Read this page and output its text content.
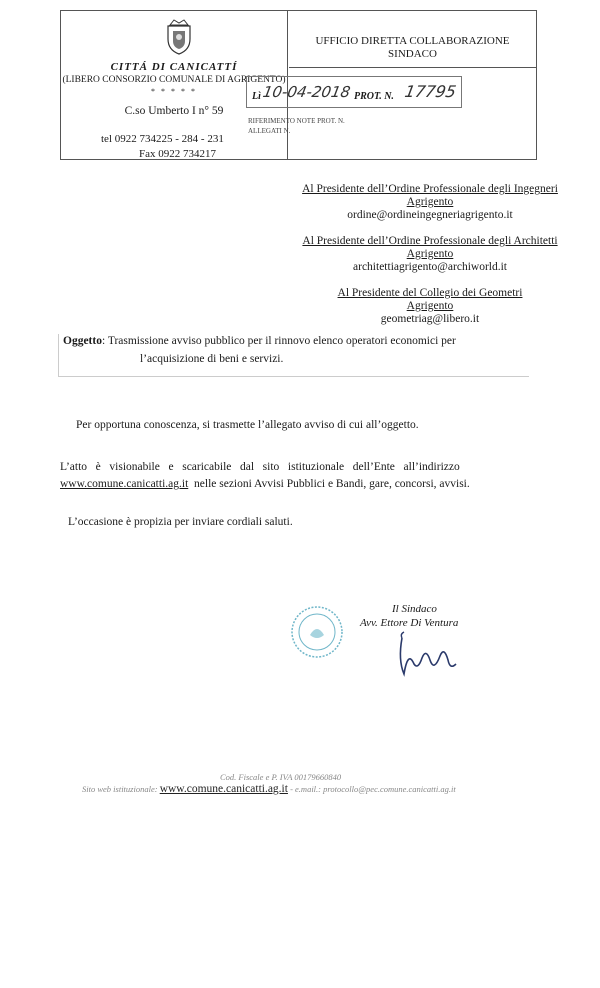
CITTÁ DI CANICATTÍ
(LIBERO CONSORZIO COMUNALE DI AGRIGENTO)
* * * * *
C.so Umberto I n° 59
tel 0922 734225 - 284 - 231
Fax 0922 734217
UFFICIO DIRETTA COLLABORAZIONE
SINDACO
Lì 10-04-2018 PROT. N. 17795
RIFERIMENTO NOTE PROT. N.
ALLEGATI N.
Al Presidente dell’Ordine Professionale degli Ingegneri
Agrigento
ordine@ordineingegneriagrigento.it
Al Presidente dell’Ordine Professionale degli Architetti
Agrigento
architettiagrigento@archiworld.it
Al Presidente del Collegio dei Geometri
Agrigento
geometriag@libero.it
Oggetto: Trasmissione avviso pubblico per il rinnovo elenco operatori economici per
l’acquisizione di beni e servizi.
Per opportuna conoscenza, si trasmette l’allegato avviso di cui all’oggetto.
L’atto   è   visionabile   e   scaricabile   dal   sito   istituzionale   dell’Ente   all’indirizzo
www.comune.canicatti.ag.it  nelle sezioni Avvisi Pubblici e Bandi, gare, concorsi, avvisi.
L’occasione è propizia per inviare cordiali saluti.
Il Sindaco
Avv. Ettore Di Ventura
Cod. Fiscale e P. IVA 00179660840
Sito web istituzionale: www.comune.canicatti.ag.it - e.mail.: protocollo@pec.comune.canicatti.ag.it
